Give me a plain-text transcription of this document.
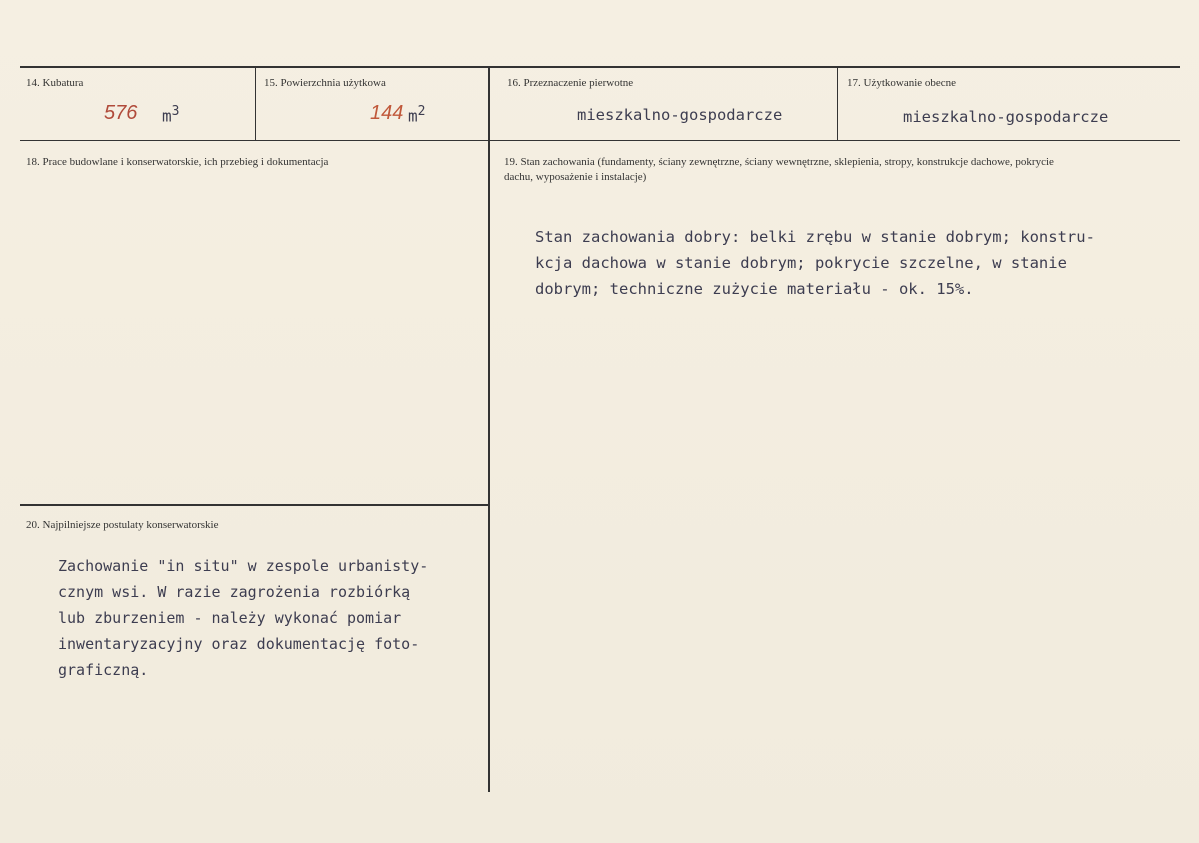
14. Kubatura
576 $m^3$
15. Powierzchnia użytkowa
144 $m^2$
16. Przeznaczenie pierwotne
mieszkalno-gospodarcze
17. Użytkowanie obecne
mieszkalno-gospodarcze
18. Prace budowlane i konserwatorskie, ich przebieg i dokumentacja	19. Stan zachowania (fundamenty, ściany zewnętrzne, ściany wewnętrzne, sklepienia, stropy, konstrukcje dachowe, pokrycie dachu, wyposażenie i instalacje)
Stan zachowania dobry: belki zrębu w stanie dobrym; konstru-
kcja dachowa w stanie dobrym; pokrycie szczelne, w stanie
dobrym; techniczne zużycie materiału - ok. 15%.
20. Najpilniejsze postulaty konserwatorskie
Zachowanie "in situ" w zespole urbanisty-
cznym wsi. W razie zagrożenia rozbiórką
lub zburzeniem - należy wykonać pomiar
inwentaryzacyjny oraz dokumentację foto-
graficzną.
